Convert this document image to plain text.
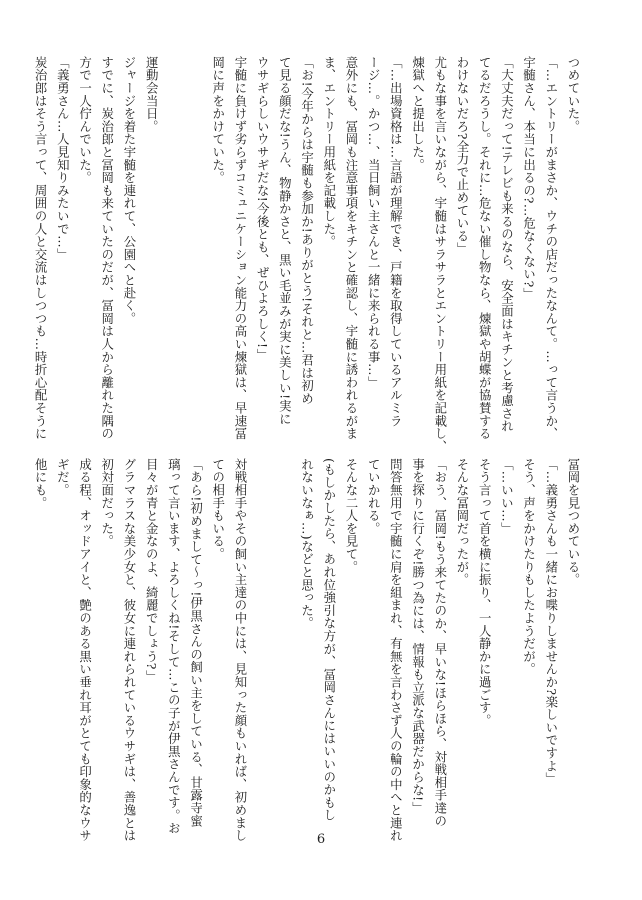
つめていた。
「…エントリーがまさか、ウチの店だったなんて。…って言うか、
宇髄さん、本当に出るの?…危なくない?」
「大丈夫だって!テレビも来るのなら、安全面はキチンと考慮され
てるだろうし。それに…危ない催し物なら、煉獄や胡蝶が協賛する
わけないだろ?全力で止めている」
尤もな事を言いながら、宇髄はサラサラとエントリー用紙を記載し、
煉獄へと提出した。
「…出場資格は…言語が理解でき、戸籍を取得しているアルミラ
ージ…。かつ…、当日飼い主さんと一緒に来られる事…」
意外にも、冨岡も注意事項をキチンと確認し、宇髄に誘われるがま
ま、エントリー用紙を記載した。
「お!今年からは宇髄も参加か!ありがとう!それと…君は初め
て見る顔だな!うん、物静かさと、黒い毛並みが実に美しい!実に
ウサギらしいウサギだな!今後とも、ぜひよろしく!」
宇髄に負けず劣らずコミュニケーション能力の高い煉獄は、早速冨
岡に声をかけていた。

運動会当日。
ジャージを着た宇髄を連れて、公園へと赴く。
すでに、炭治郎と冨岡も来ていたのだが、冨岡は人から離れた隅の
方で一人佇んでいた。
「義勇さん…人見知りみたいで…」
炭治郎はそう言って、周囲の人と交流はしつつも…時折心配そうに
冨岡を見つめている。
「…義勇さんも一緒にお喋りしませんか?楽しいですよ」
そう、声をかけたりもしたようだが。
「…いい…」
そう言って首を横に振り、一人静かに過ごす。
そんな冨岡だったが。
「おう、冨岡!もう来てたのか、早いな!ほらほら、対戦相手達の
事を探りに行くぞ!勝つ為には、情報も立派な武器だからな!」
問答無用で宇髄に肩を組まれ、有無を言わさず人の輪の中へと連れ
ていかれる。
そんな二人を見て。
(もしかしたら、あれ位強引な方が、冨岡さんにはいいのかもし
れないなぁ…)などと思った。

対戦相手やその飼い主達の中には、見知った顔もいれば、初めまし
ての相手もいる。
「あら!初めまして〜っ!伊黒さんの飼い主をしている、甘露寺蜜
璃って言います、よろしくね!そして…この子が伊黒さんです。お
目々が青と金なのよ、綺麗でしょう?」
グラマラスな美少女と、彼女に連れられているウサギは、善逸とは
初対面だった。
成る程、オッドアイと、艶のある黒い垂れ耳がとても印象的なウサ
ギだ。
他にも。
6
